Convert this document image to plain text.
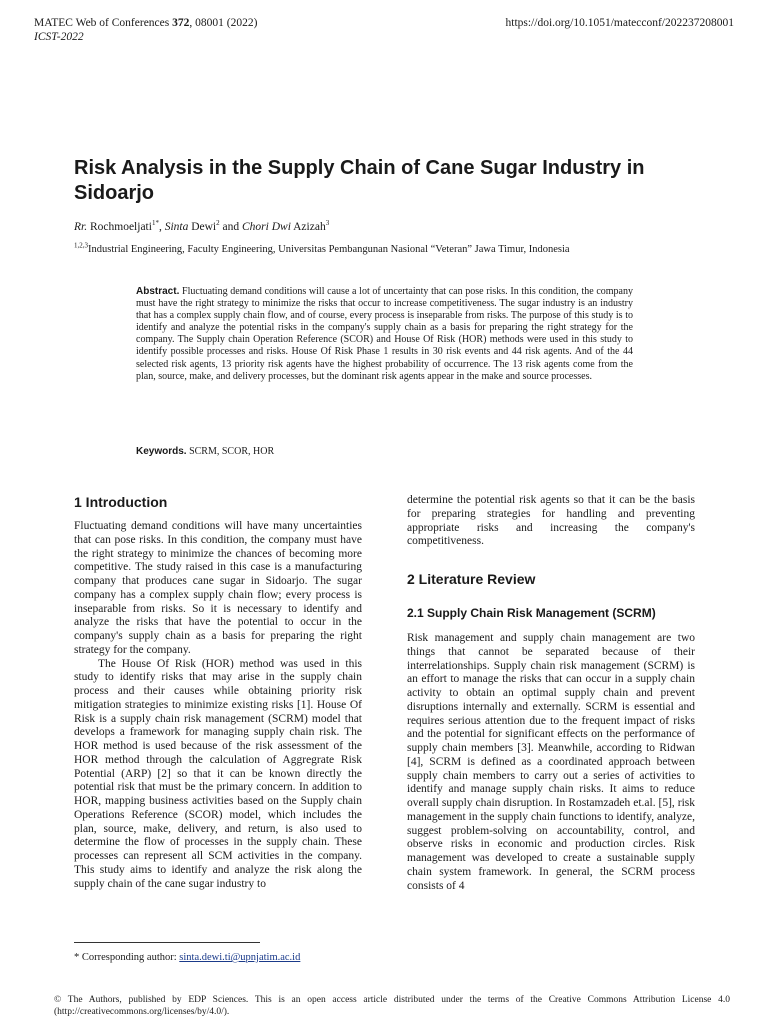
MATEC Web of Conferences 372, 08001 (2022)
ICST-2022
https://doi.org/10.1051/matecconf/202237208001
Risk Analysis in the Supply Chain of Cane Sugar Industry in Sidoarjo
Rr. Rochmoeljati$^{1*}$, Sinta Dewi$^2$ and Chori Dwi Azizah$^3$
$^{1,2,3}$Industrial Engineering, Faculty Engineering, Universitas Pembangunan Nasional “Veteran” Jawa Timur, Indonesia
Abstract. Fluctuating demand conditions will cause a lot of uncertainty that can pose risks. In this condition, the company must have the right strategy to minimize the risks that occur to increase competitiveness. The sugar industry is an industry that has a complex supply chain flow, and of course, every process is inseparable from risks. The purpose of this study is to identify and analyze the potential risks in the company's supply chain as a basis for preparing the right strategy for the company. The Supply chain Operation Reference (SCOR) and House Of Risk (HOR) methods were used in this study to identify possible processes and risks. House Of Risk Phase 1 results in 30 risk events and 44 risk agents. And of the 44 selected risk agents, 13 priority risk agents have the highest probability of occurrence. The 13 risk agents come from the plan, source, make, and delivery processes, but the dominant risk agents appear in the make and source processes.
Keywords. SCRM, SCOR, HOR
1 Introduction

Fluctuating demand conditions will have many uncertainties that can pose risks. In this condition, the company must have the right strategy to minimize the chances of becoming more competitive. The study raised in this case is a manufacturing company that produces cane sugar in Sidoarjo. The sugar company has a complex supply chain flow; every process is inseparable from risks. So it is necessary to identify and analyze the risks that have the potential to occur in the company's supply chain as a basis for preparing the right strategy for the company.

The House Of Risk (HOR) method was used in this study to identify risks that may arise in the supply chain process and their causes while obtaining priority risk mitigation strategies to minimize existing risks [1]. House Of Risk is a supply chain risk management (SCRM) model that develops a framework for managing supply chain risk. The HOR method is used because of the risk assessment of the HOR method through the calculation of Aggregrate Risk Potential (ARP) [2] so that it can be known directly the potential risk that must be the primary concern. In addition to HOR, mapping business activities based on the Supply chain Operations Reference (SCOR) model, which includes the plan, source, make, delivery, and return, is also used to determine the flow of processes in the supply chain. These processes can represent all SCM activities in the company. This study aims to identify and analyze the risk along the supply chain of the cane sugar industry to

determine the potential risk agents so that it can be the basis for preparing strategies for handling and preventing appropriate risks and increasing the company's competitiveness.

2 Literature Review
2.1 Supply Chain Risk Management (SCRM)

Risk management and supply chain management are two things that cannot be separated because of their interrelationships. Supply chain risk management (SCRM) is an effort to manage the risks that can occur in a supply chain activity to obtain an optimal supply chain and prevent disruptions internally and externally. SCRM is essential and requires serious attention due to the frequent impact of risks and the potential for significant effects on the performance of supply chain members [3]. Meanwhile, according to Ridwan [4], SCRM is defined as a coordinated approach between supply chain members to carry out a series of activities to identify and manage supply chain risks. It aims to reduce overall supply chain disruption. In Rostamzadeh et.al. [5], risk management in the supply chain functions to identify, analyze, suggest problem-solving on accountability, control, and observe risks in economic and production circles. Risk management was developed to create a sustainable supply chain system framework. In general, the SCRM process consists of 4

* Corresponding author: sinta.dewi.ti@upnjatim.ac.id
© The Authors, published by EDP Sciences. This is an open access article distributed under the terms of the Creative Commons Attribution License 4.0 (http://creativecommons.org/licenses/by/4.0/).
